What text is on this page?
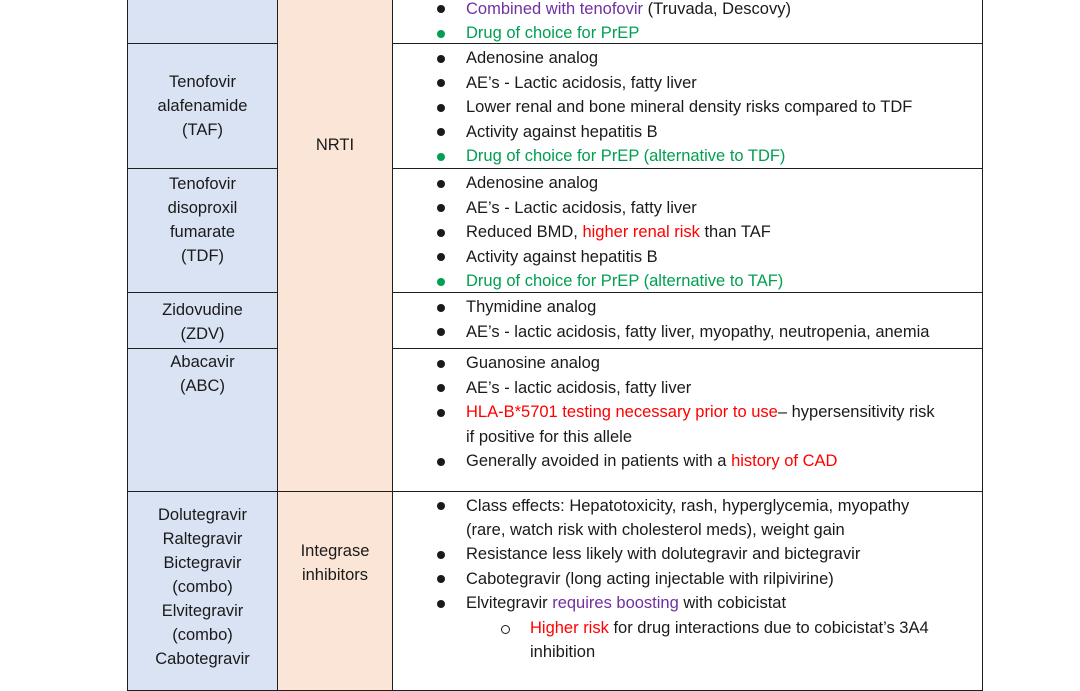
Combined with tenofovir (Truvada, Descovy)
Drug of choice for PrEP
NRTI
Tenofovir
alafenamide
(TAF)
Adenosine analog
AE’s - Lactic acidosis, fatty liver
Lower renal and bone mineral density risks compared to TDF
Activity against hepatitis B
Drug of choice for PrEP (alternative to TDF)
Tenofovir
disoproxil
fumarate
(TDF)
Adenosine analog
AE’s - Lactic acidosis, fatty liver
Reduced BMD, higher renal risk than TAF
Activity against hepatitis B
Drug of choice for PrEP (alternative to TAF)
Zidovudine
(ZDV)
Thymidine analog
AE’s - lactic acidosis, fatty liver, myopathy, neutropenia, anemia
Abacavir
(ABC)
Guanosine analog
AE’s - lactic acidosis, fatty liver
HLA-B*5701 testing necessary prior to use– hypersensitivity risk
if positive for this allele
Generally avoided in patients with a history of CAD
Dolutegravir
Raltegravir
Bictegravir
(combo)
Elvitegravir
(combo)
Cabotegravir
Integrase
inhibitors
Class effects: Hepatotoxicity, rash, hyperglycemia, myopathy
(rare, watch risk with cholesterol meds), weight gain
Resistance less likely with dolutegravir and bictegravir
Cabotegravir (long acting injectable with rilpivirine)
Elvitegravir requires boosting with cobicistat
Higher risk for drug interactions due to cobicistat’s 3A4
inhibition
